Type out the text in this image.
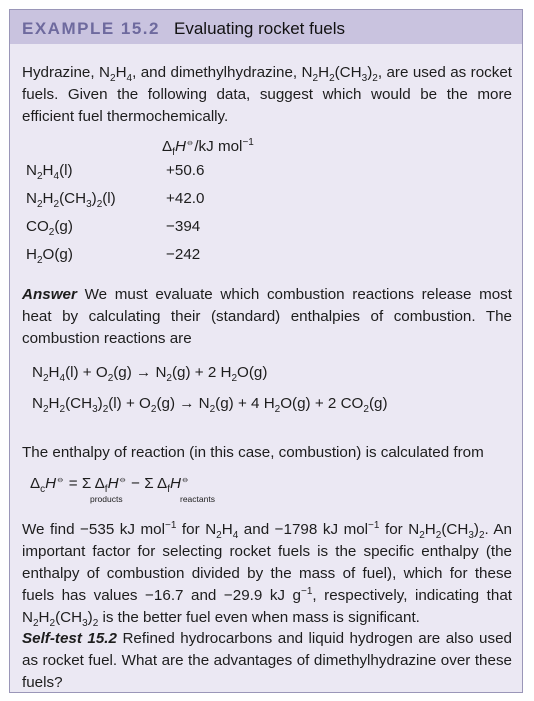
EXAMPLE 15.2 Evaluating rocket fuels

Hydrazine, $N_2H_4$, and dimethylhydrazine, $N_2H_2(CH_3)_2$, are used as rocket fuels. Given the following data, suggest which would be the more efficient fuel thermochemically.

$\Delta_fH^⦵/kJ$ mol$^{-1}$
$N_2H_4(l)$	+50.6
$N_2H_2(CH_3)_2(l)$	+42.0
$CO_2(g)$	−394
$H_2O(g)$	−242

Answer We must evaluate which combustion reactions release most heat by calculating their (standard) enthalpies of combustion. The combustion reactions are

$N_2H_4(l) + O_2(g) \to N_2(g) + 2$ $H_2O(g)$
$N_2H_2(CH_3)_2(l) + O_2(g) \to N_2(g) + 4$ $H_2O(g) + 2$ $CO_2(g)$

The enthalpy of reaction (in this case, combustion) is calculated from

$\Delta_cH^⦵ = \Sigma$ $\Delta_fH^⦵ - \Sigma$ $\Delta_fH^⦵$
products	reactants

We find −535 kJ mol$^{-1}$ for $N_2H_4$ and −1798 kJ mol$^{-1}$ for $N_2H_2(CH_3)_2$. An important factor for selecting rocket fuels is the specific enthalpy (the enthalpy of combustion divided by the mass of fuel), which for these fuels has values −16.7 and −29.9 kJ $g^{-1}$, respectively, indicating that $N_2H_2(CH_3)_2$ is the better fuel even when mass is significant.

Self-test 15.2 Refined hydrocarbons and liquid hydrogen are also used as rocket fuel. What are the advantages of dimethylhydrazine over these fuels?
